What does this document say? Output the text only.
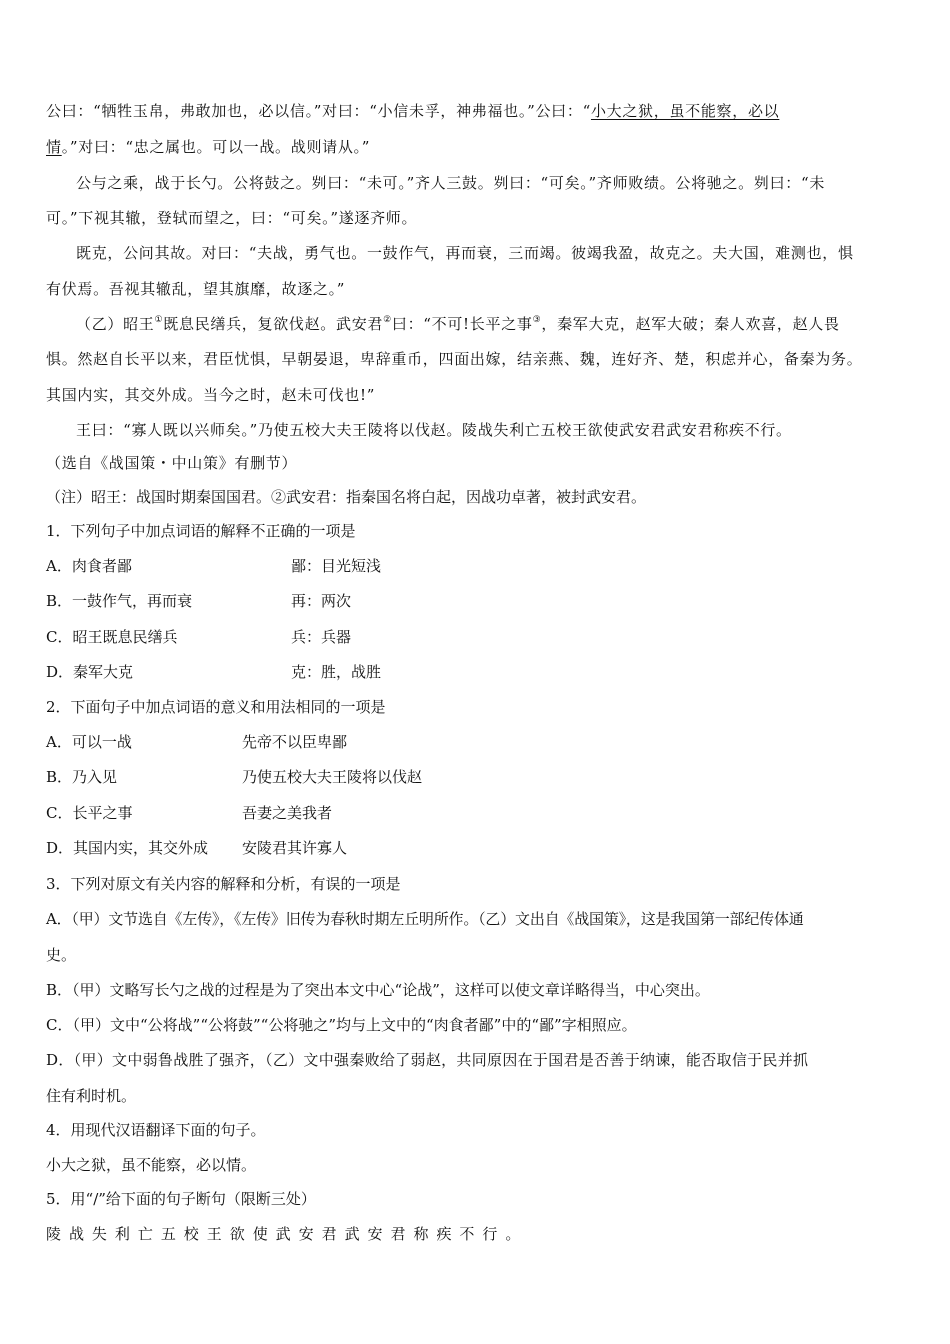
公曰：“牺牲玉帛，弗敢加也，必以信。”对曰：“小信未孚，神弗福也。”公曰：“小大之狱，虽不能察，必以
情。”对曰：“忠之属也。可以一战。战则请从。”
公与之乘，战于长勺。公将鼓之。刿曰：“未可。”齐人三鼓。刿曰：“可矣。”齐师败绩。公将驰之。刿曰：“未
可。”下视其辙，登轼而望之，曰：“可矣。”遂逐齐师。
既克，公问其故。对曰：“夫战，勇气也。一鼓作气，再而衰，三而竭。彼竭我盈，故克之。夫大国，难测也，惧
有伏焉。吾视其辙乱，望其旗靡，故逐之。”
（乙）昭王①既息民缮兵，复欲伐赵。武安君②曰：“不可!长平之事③，秦军大克，赵军大破；秦人欢喜，赵人畏
惧。然赵自长平以来，君臣忧惧，早朝晏退，卑辞重币，四面出嫁，结亲燕、魏，连好齐、楚，积虑并心，备秦为务。
其国内实，其交外成。当今之时，赵未可伐也!”
王曰：“寡人既以兴师矣。”乃使五校大夫王陵将以伐赵。陵战失利亡五校王欲使武安君武安君称疾不行。
（选自《战国策・中山策》有删节）
（注）昭王：战国时期秦国国君。②武安君：指秦国名将白起，因战功卓著，被封武安君。
1．下列句子中加点词语的解释不正确的一项是
A．肉食者鄙	鄙：目光短浅
B．一鼓作气，再而衰	再：两次
C．昭王既息民缮兵	兵：兵器
D．秦军大克	克：胜，战胜
2．下面句子中加点词语的意义和用法相同的一项是
A．可以一战	先帝不以臣卑鄙
B．乃入见	乃使五校大夫王陵将以伐赵
C．长平之事	吾妻之美我者
D．其国内实，其交外成	安陵君其许寡人
3．下列对原文有关内容的解释和分析，有误的一项是
A．（甲）文节选自《左传》，《左传》旧传为春秋时期左丘明所作。（乙）文出自《战国策》，这是我国第一部纪传体通
史。
B．（甲）文略写长勺之战的过程是为了突出本文中心“论战”，这样可以使文章详略得当，中心突出。
C．（甲）文中“公将战”“公将鼓”“公将驰之”均与上文中的“肉食者鄙”中的“鄙”字相照应。
D．（甲）文中弱鲁战胜了强齐，（乙）文中强秦败给了弱赵，共同原因在于国君是否善于纳谏，能否取信于民并抓
住有利时机。
4．用现代汉语翻译下面的句子。
小大之狱，虽不能察，必以情。
5．用“/”给下面的句子断句（限断三处）
陵 战 失 利 亡 五 校 王 欲 使 武 安 君 武 安 君 称 疾 不 行 。
